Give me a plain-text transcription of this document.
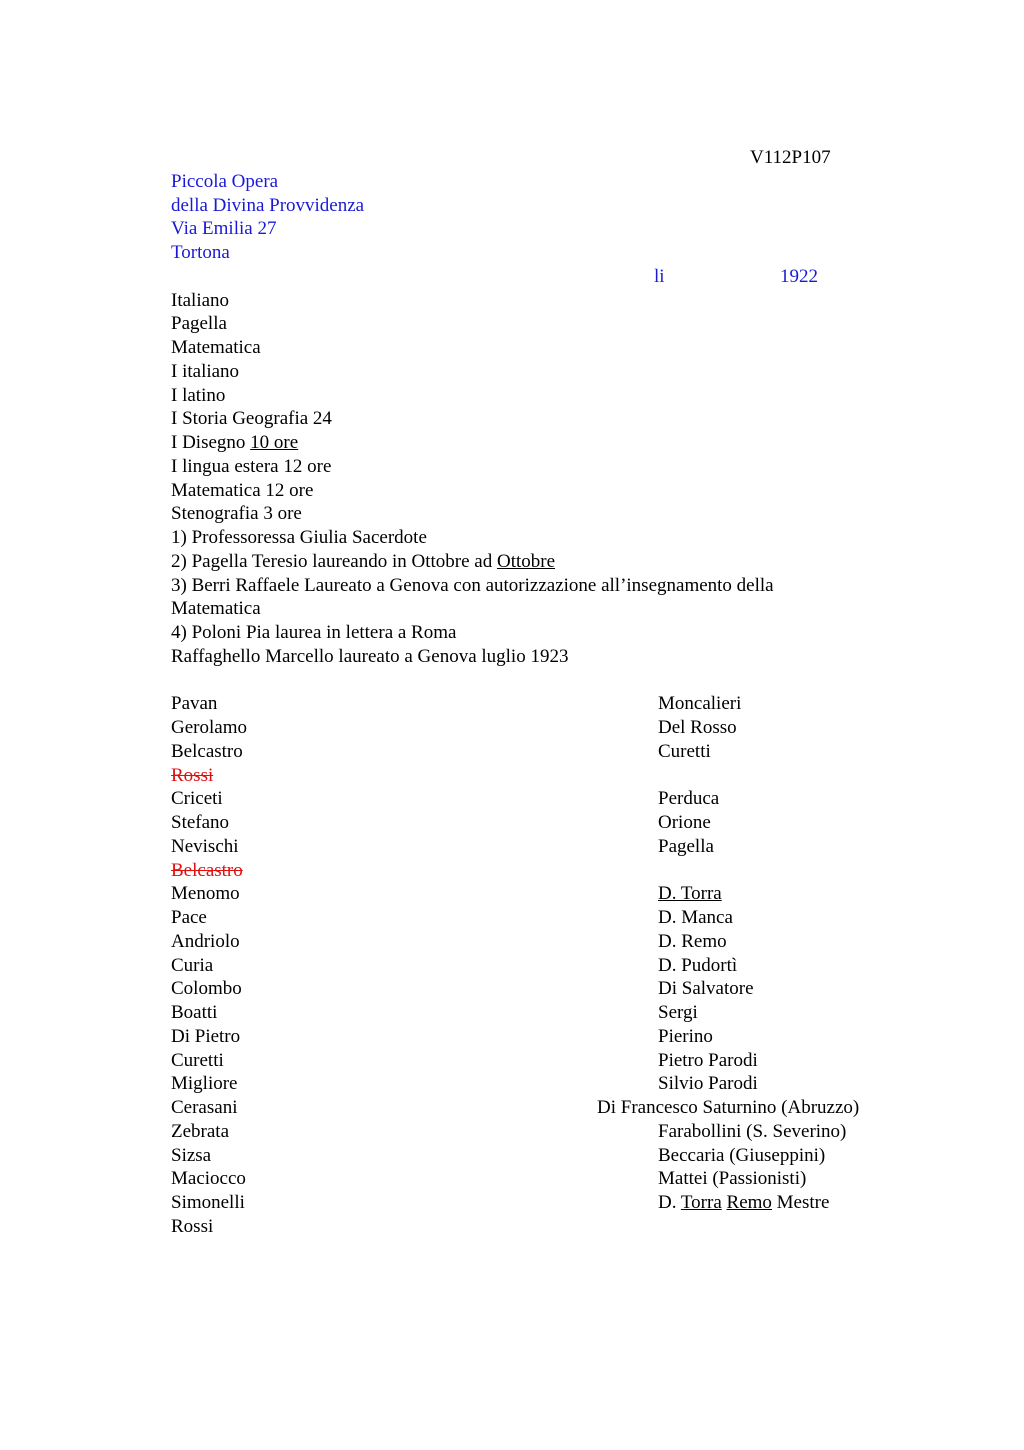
V112P107
Piccola Opera
della Divina Provvidenza
Via Emilia 27
Tortona
li	1922
Italiano
Pagella
Matematica
I italiano
I latino
I Storia Geografia 24
I Disegno 10 ore
I lingua estera 12 ore
Matematica 12 ore
Stenografia 3 ore
1) Professoressa Giulia Sacerdote
2) Pagella Teresio laureando in Ottobre ad Ottobre
3) Berri Raffaele Laureato a Genova con autorizzazione all’insegnamento della
Matematica
4) Poloni Pia laurea in lettera a Roma
Raffaghello Marcello laureato a Genova luglio 1923
Pavan
Gerolamo
Belcastro
Rossi
Criceti
Stefano
Nevischi
Belcastro
Menomo
Pace
Andriolo
Curia
Colombo
Boatti
Di Pietro
Curetti
Migliore
Cerasani
Zebrata
Sizsa
Maciocco
Simonelli
Rossi
Moncalieri
Del Rosso
Curetti
Perduca
Orione
Pagella
D. Torra
D. Manca
D. Remo
D. Pudortì
Di Salvatore
Sergi
Pierino
Pietro Parodi
Silvio Parodi
Di Francesco Saturnino (Abruzzo)
Farabollini (S. Severino)
Beccaria (Giuseppini)
Mattei (Passionisti)
D. Torra Remo Mestre
